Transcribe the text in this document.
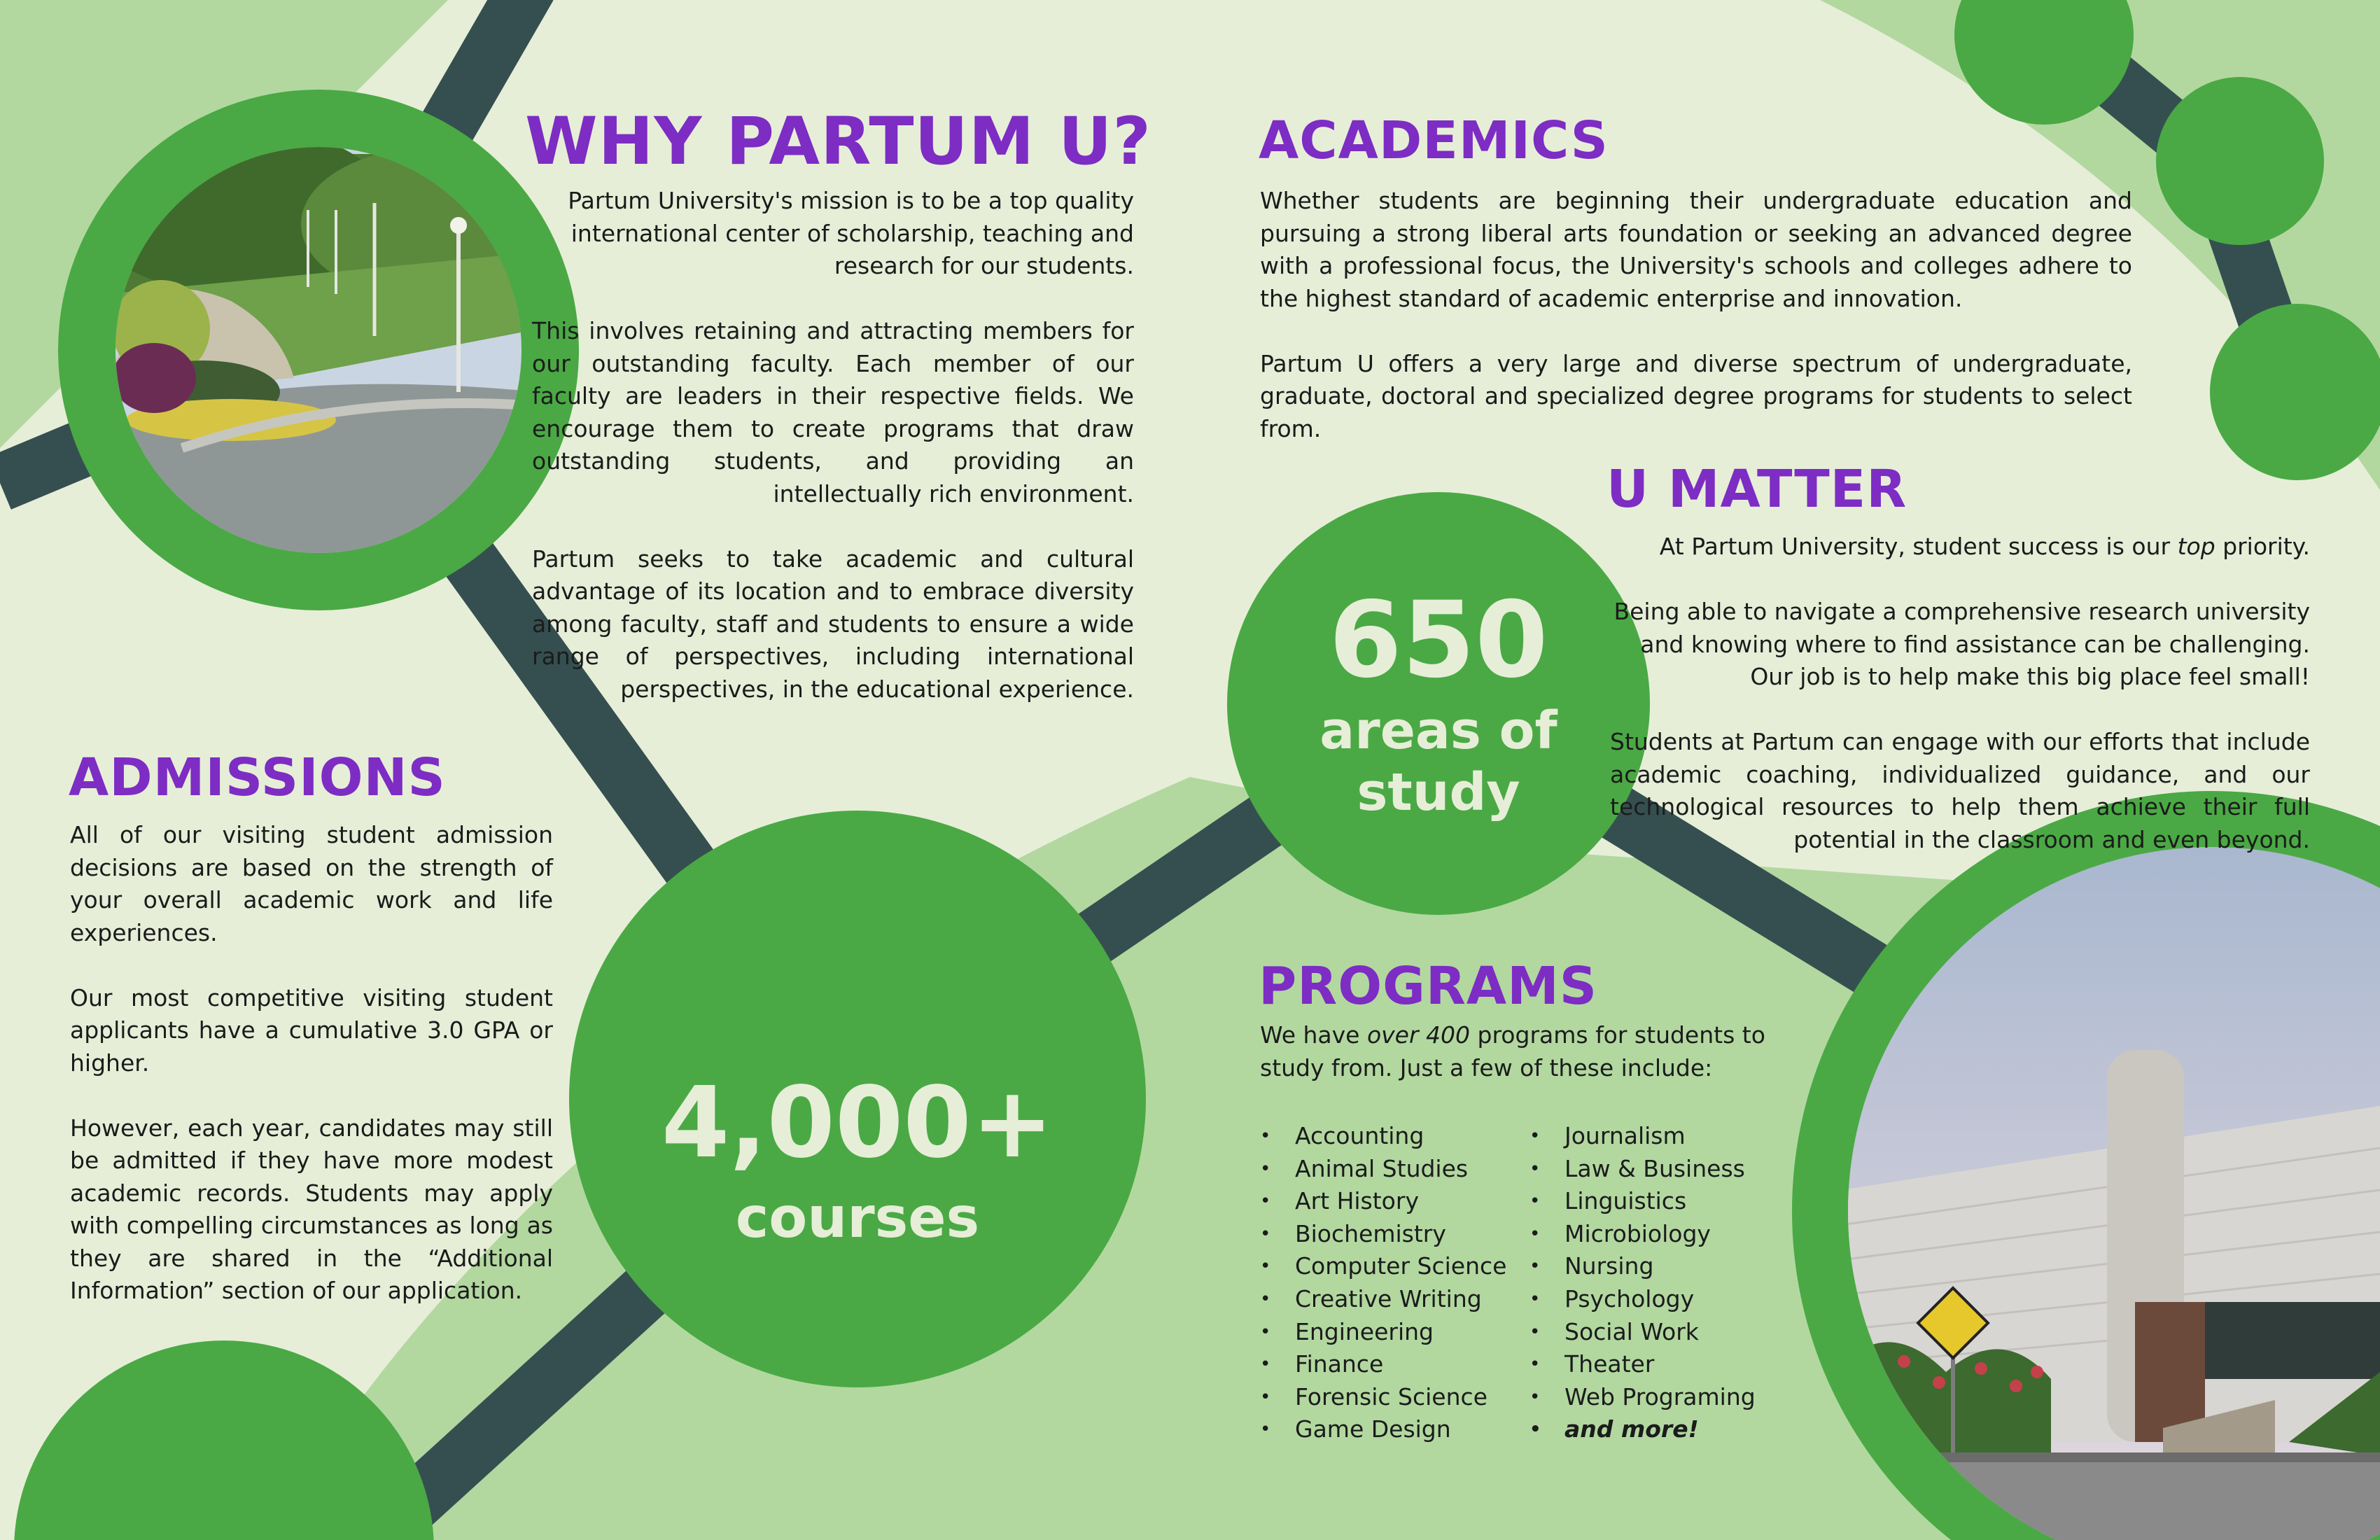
WHY PARTUM U?

Partum University's mission is to be a top quality international center of scholarship, teaching and research for our students.

This involves retaining and attracting members for our outstanding faculty. Each member of our faculty are leaders in their respective fields. We encourage them to create programs that draw outstanding students, and providing an intellectually rich environment.

Partum seeks to take academic and cultural advantage of its location and to embrace diversity among faculty, staff and students to ensure a wide range of perspectives, including international perspectives, in the educational experience.

ACADEMICS

Whether students are beginning their undergraduate education and pursuing a strong liberal arts foundation or seeking an advanced degree with a professional focus, the University's schools and colleges adhere to the highest standard of academic enterprise and innovation.

Partum U offers a very large and diverse spectrum of undergraduate, graduate, doctoral and specialized degree programs for students to select from.

U MATTER

At Partum University, student success is our top priority.

Being able to navigate a comprehensive research university and knowing where to find assistance can be challenging. Our job is to help make this big place feel small!

Students at Partum can engage with our efforts that include academic coaching, individualized guidance, and our technological resources to help them achieve their full potential in the classroom and even beyond.

ADMISSIONS

All of our visiting student admission decisions are based on the strength of your overall academic work and life experiences.

Our most competitive visiting student applicants have a cumulative 3.0 GPA or higher.

However, each year, candidates may still be admitted if they have more modest academic records. Students may apply with compelling circumstances as long as they are shared in the “Additional Information” section of our application.

PROGRAMS

We have over 400 programs for students to study from. Just a few of these include:

• Accounting
• Animal Studies
• Art History
• Biochemistry
• Computer Science
• Creative Writing
• Engineering
• Finance
• Forensic Science
• Game Design
• Journalism
• Law & Business
• Linguistics
• Microbiology
• Nursing
• Psychology
• Social Work
• Theater
• Web Programing
• and more!
650
areas of
study
4,000+
courses
